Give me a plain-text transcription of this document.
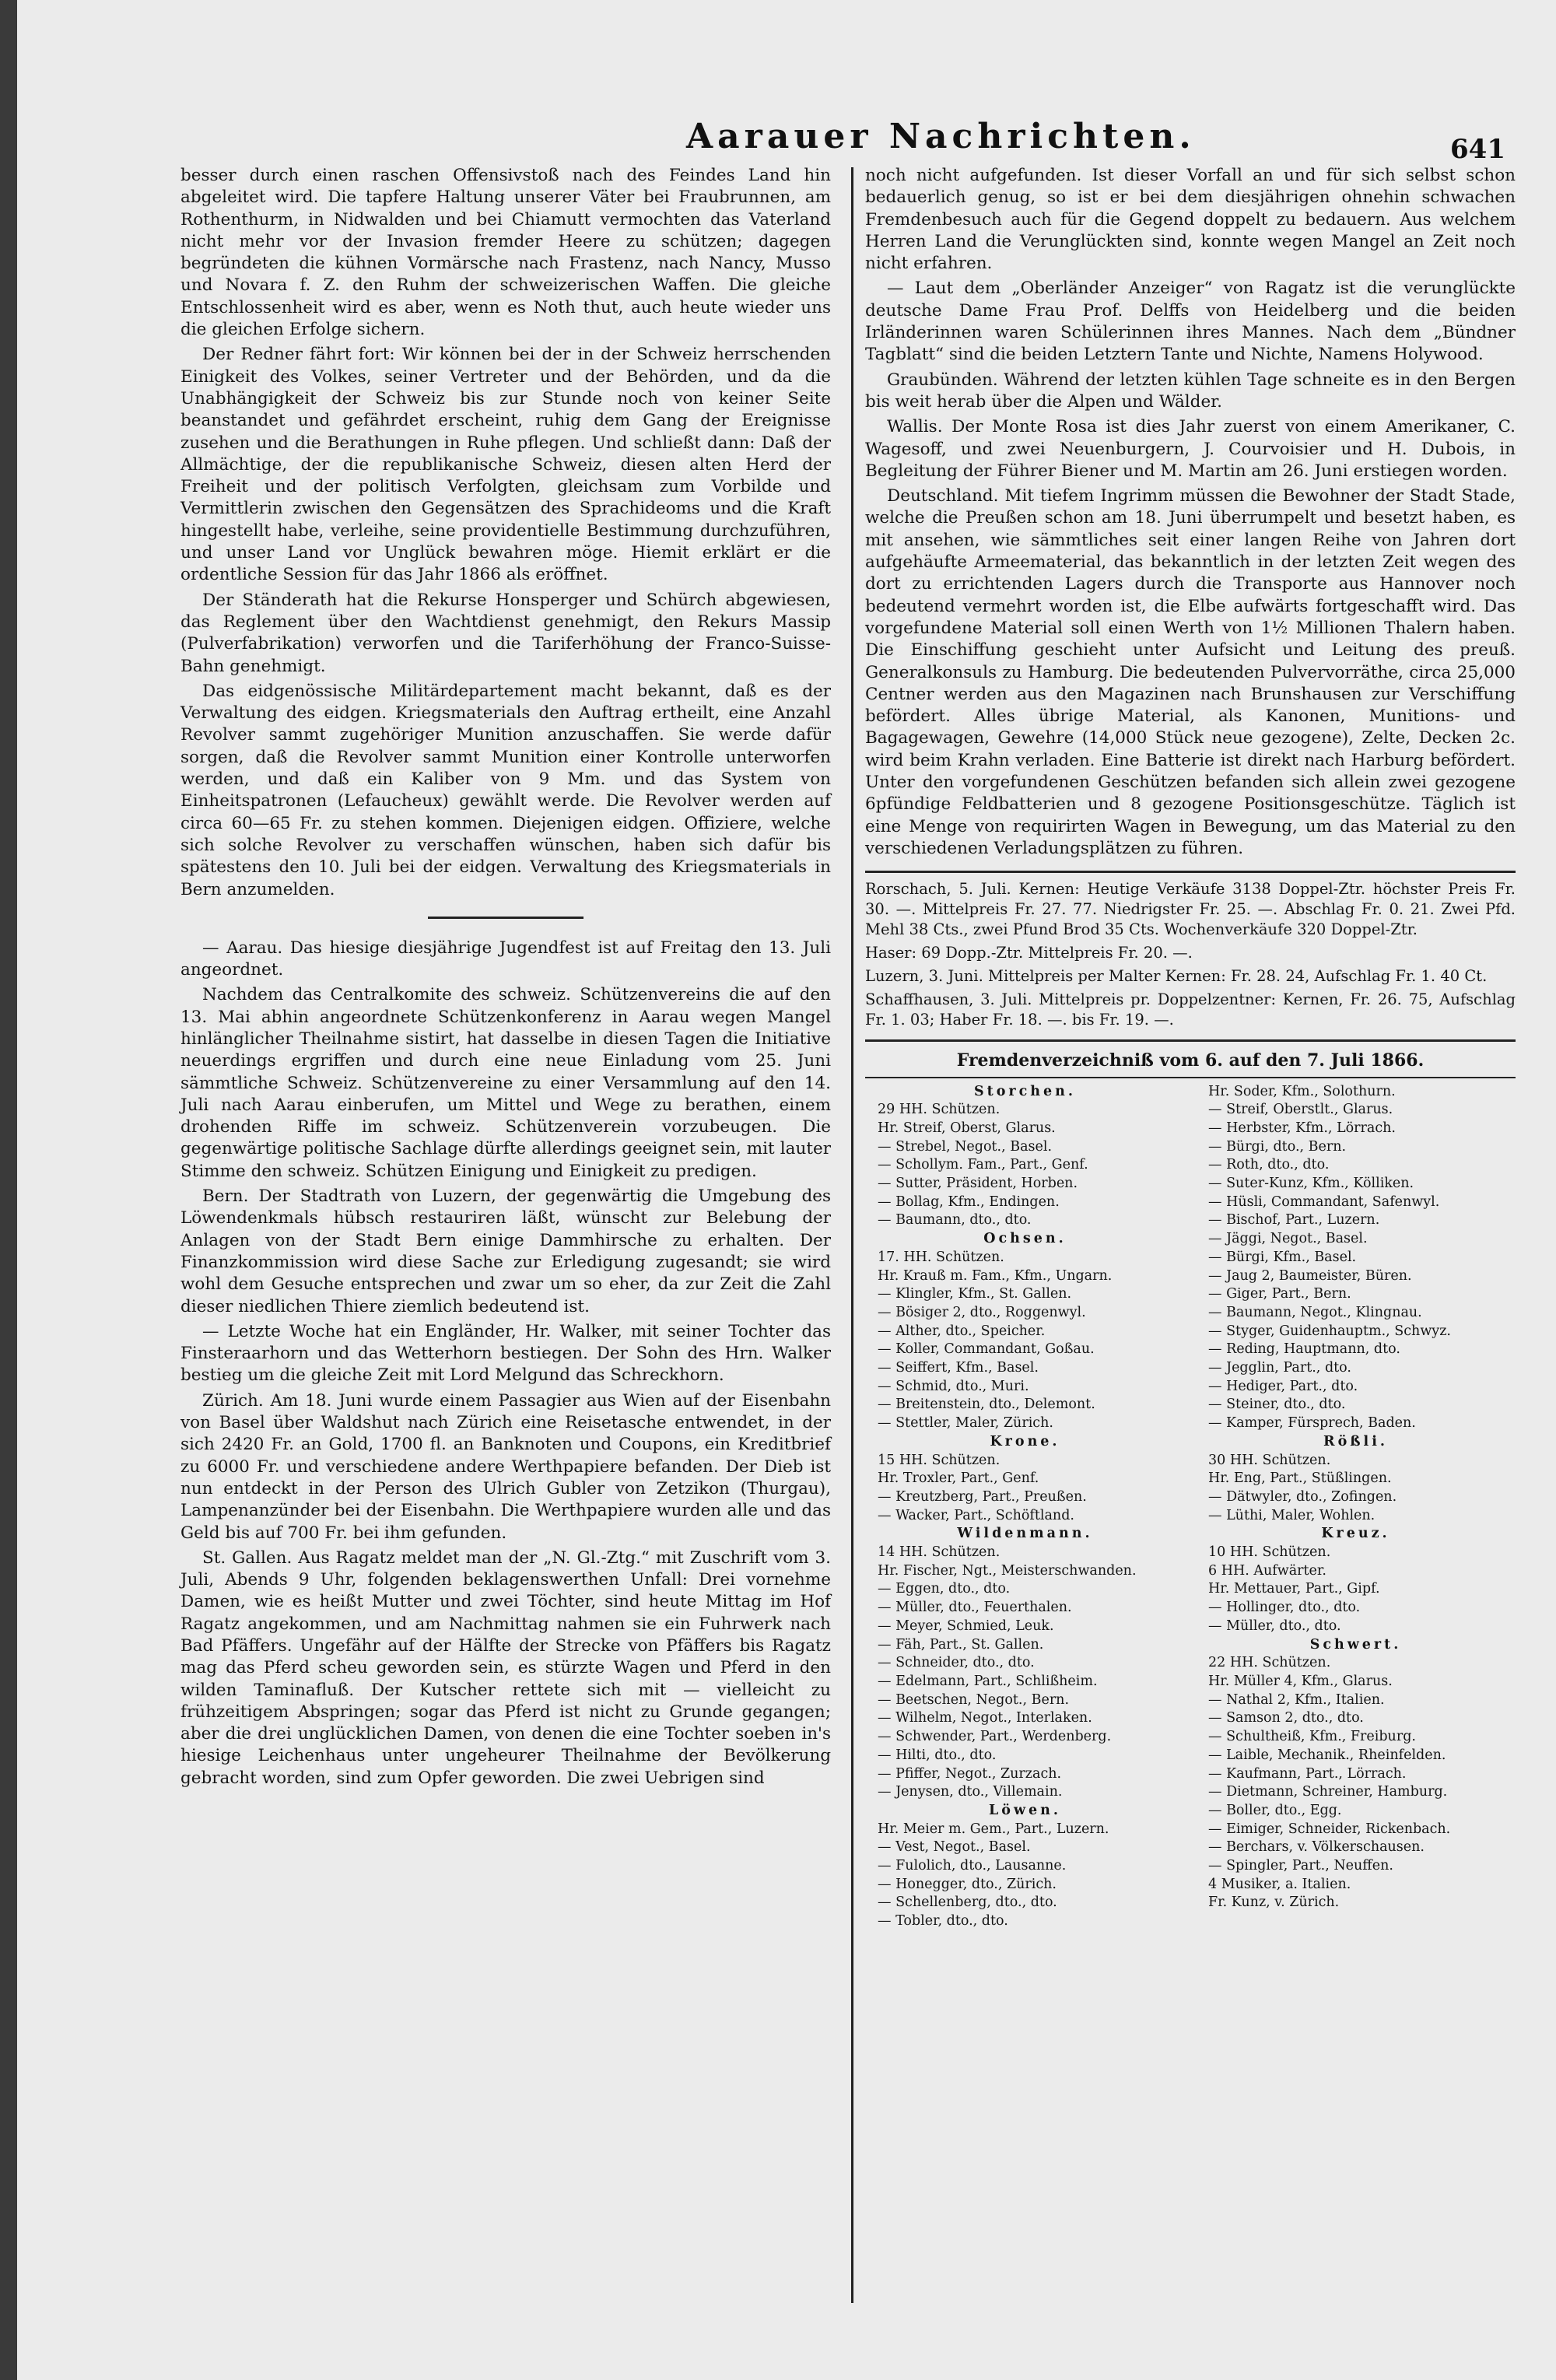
Aarauer Nachrichten.	641

besser durch einen raschen Offensivstoß nach des Feindes Land hin abgeleitet wird. Die tapfere Haltung unserer Väter bei Fraubrunnen, am Rothenthurm, in Nidwalden und bei Chiamutt vermochten das Vaterland nicht mehr vor der Invasion fremder Heere zu schützen; dagegen begründeten die kühnen Vormärsche nach Frastenz, nach Nancy, Musso und Novara f. Z. den Ruhm der schweizerischen Waffen. Die gleiche Entschlossenheit wird es aber, wenn es Noth thut, auch heute wieder uns die gleichen Erfolge sichern.

Der Redner fährt fort: Wir können bei der in der Schweiz herrschenden Einigkeit des Volkes, seiner Vertreter und der Behörden, und da die Unabhängigkeit der Schweiz bis zur Stunde noch von keiner Seite beanstandet und gefährdet erscheint, ruhig dem Gang der Ereignisse zusehen und die Berathungen in Ruhe pflegen. Und schließt dann: Daß der Allmächtige, der die republikanische Schweiz, diesen alten Herd der Freiheit und der politisch Verfolgten, gleichsam zum Vorbilde und Vermittlerin zwischen den Gegensätzen des Sprachideoms und die Kraft hingestellt habe, verleihe, seine providentielle Bestimmung durchzuführen, und unser Land vor Unglück bewahren möge. Hiemit erklärt er die ordentliche Session für das Jahr 1866 als eröffnet.

Der Ständerath hat die Rekurse Honsperger und Schürch abgewiesen, das Reglement über den Wachtdienst genehmigt, den Rekurs Massip (Pulverfabrikation) verworfen und die Tariferhöhung der Franco-Suisse-Bahn genehmigt.

Das eidgenössische Militärdepartement macht bekannt, daß es der Verwaltung des eidgen. Kriegsmaterials den Auftrag ertheilt, eine Anzahl Revolver sammt zugehöriger Munition anzuschaffen. Sie werde dafür sorgen, daß die Revolver sammt Munition einer Kontrolle unterworfen werden, und daß ein Kaliber von 9 Mm. und das System von Einheitspatronen (Lefaucheux) gewählt werde. Die Revolver werden auf circa 60—65 Fr. zu stehen kommen. Diejenigen eidgen. Offiziere, welche sich solche Revolver zu verschaffen wünschen, haben sich dafür bis spätestens den 10. Juli bei der eidgen. Verwaltung des Kriegsmaterials in Bern anzumelden.

— Aarau. Das hiesige diesjährige Jugendfest ist auf Freitag den 13. Juli angeordnet.

Nachdem das Centralkomite des schweiz. Schützenvereins die auf den 13. Mai abhin angeordnete Schützenkonferenz in Aarau wegen Mangel hinlänglicher Theilnahme sistirt, hat dasselbe in diesen Tagen die Initiative neuerdings ergriffen und durch eine neue Einladung vom 25. Juni sämmtliche Schweiz. Schützenvereine zu einer Versammlung auf den 14. Juli nach Aarau einberufen, um Mittel und Wege zu berathen, einem drohenden Riffe im schweiz. Schützenverein vorzubeugen. Die gegenwärtige politische Sachlage dürfte allerdings geeignet sein, mit lauter Stimme den schweiz. Schützen Einigung und Einigkeit zu predigen.

Bern. Der Stadtrath von Luzern, der gegenwärtig die Umgebung des Löwendenkmals hübsch restauriren läßt, wünscht zur Belebung der Anlagen von der Stadt Bern einige Dammhirsche zu erhalten. Der Finanzkommission wird diese Sache zur Erledigung zugesandt; sie wird wohl dem Gesuche entsprechen und zwar um so eher, da zur Zeit die Zahl dieser niedlichen Thiere ziemlich bedeutend ist.

— Letzte Woche hat ein Engländer, Hr. Walker, mit seiner Tochter das Finsteraarhorn und das Wetterhorn bestiegen. Der Sohn des Hrn. Walker bestieg um die gleiche Zeit mit Lord Melgund das Schreckhorn.

Zürich. Am 18. Juni wurde einem Passagier aus Wien auf der Eisenbahn von Basel über Waldshut nach Zürich eine Reisetasche entwendet, in der sich 2420 Fr. an Gold, 1700 fl. an Banknoten und Coupons, ein Kreditbrief zu 6000 Fr. und verschiedene andere Werthpapiere befanden. Der Dieb ist nun entdeckt in der Person des Ulrich Gubler von Zetzikon (Thurgau), Lampenanzünder bei der Eisenbahn. Die Werthpapiere wurden alle und das Geld bis auf 700 Fr. bei ihm gefunden.

St. Gallen. Aus Ragatz meldet man der „N. Gl.-Ztg.“ mit Zuschrift vom 3. Juli, Abends 9 Uhr, folgenden beklagenswerthen Unfall: Drei vornehme Damen, wie es heißt Mutter und zwei Töchter, sind heute Mittag im Hof Ragatz angekommen, und am Nachmittag nahmen sie ein Fuhrwerk nach Bad Pfäffers. Ungefähr auf der Hälfte der Strecke von Pfäffers bis Ragatz mag das Pferd scheu geworden sein, es stürzte Wagen und Pferd in den wilden Taminafluß. Der Kutscher rettete sich mit — vielleicht zu frühzeitigem Abspringen; sogar das Pferd ist nicht zu Grunde gegangen; aber die drei unglücklichen Damen, von denen die eine Tochter soeben in's hiesige Leichenhaus unter ungeheurer Theilnahme der Bevölkerung gebracht worden, sind zum Opfer geworden. Die zwei Uebrigen sind

noch nicht aufgefunden. Ist dieser Vorfall an und für sich selbst schon bedauerlich genug, so ist er bei dem diesjährigen ohnehin schwachen Fremdenbesuch auch für die Gegend doppelt zu bedauern. Aus welchem Herren Land die Verunglückten sind, konnte wegen Mangel an Zeit noch nicht erfahren.

— Laut dem „Oberländer Anzeiger“ von Ragatz ist die verunglückte deutsche Dame Frau Prof. Delffs von Heidelberg und die beiden Irländerinnen waren Schülerinnen ihres Mannes. Nach dem „Bündner Tagblatt“ sind die beiden Letztern Tante und Nichte, Namens Holywood.

Graubünden. Während der letzten kühlen Tage schneite es in den Bergen bis weit herab über die Alpen und Wälder.

Wallis. Der Monte Rosa ist dies Jahr zuerst von einem Amerikaner, C. Wagesoff, und zwei Neuenburgern, J. Courvoisier und H. Dubois, in Begleitung der Führer Biener und M. Martin am 26. Juni erstiegen worden.

Deutschland. Mit tiefem Ingrimm müssen die Bewohner der Stadt Stade, welche die Preußen schon am 18. Juni überrumpelt und besetzt haben, es mit ansehen, wie sämmtliches seit einer langen Reihe von Jahren dort aufgehäufte Armeematerial, das bekanntlich in der letzten Zeit wegen des dort zu errichtenden Lagers durch die Transporte aus Hannover noch bedeutend vermehrt worden ist, die Elbe aufwärts fortgeschafft wird. Das vorgefundene Material soll einen Werth von 1½ Millionen Thalern haben. Die Einschiffung geschieht unter Aufsicht und Leitung des preuß. Generalkonsuls zu Hamburg. Die bedeutenden Pulvervorräthe, circa 25,000 Centner werden aus den Magazinen nach Brunshausen zur Verschiffung befördert. Alles übrige Material, als Kanonen, Munitions- und Bagagewagen, Gewehre (14,000 Stück neue gezogene), Zelte, Decken 2c. wird beim Krahn verladen. Eine Batterie ist direkt nach Harburg befördert. Unter den vorgefundenen Geschützen befanden sich allein zwei gezogene 6pfündige Feldbatterien und 8 gezogene Positionsgeschütze. Täglich ist eine Menge von requirirten Wagen in Bewegung, um das Material zu den verschiedenen Verladungsplätzen zu führen.

Rorschach, 5. Juli. Kernen: Heutige Verkäufe 3138 Doppel-Ztr. höchster Preis Fr. 30. —. Mittelpreis Fr. 27. 77. Niedrigster Fr. 25. —. Abschlag Fr. 0. 21. Zwei Pfd. Mehl 38 Cts., zwei Pfund Brod 35 Cts. Wochenverkäufe 320 Doppel-Ztr.

Haser: 69 Dopp.-Ztr. Mittelpreis Fr. 20. —.

Luzern, 3. Juni. Mittelpreis per Malter Kernen: Fr. 28. 24, Aufschlag Fr. 1. 40 Ct.

Schaffhausen, 3. Juli. Mittelpreis pr. Doppelzentner: Kernen, Fr. 26. 75, Aufschlag Fr. 1. 03; Haber Fr. 18. —. bis Fr. 19. —.

Fremdenverzeichniß vom 6. auf den 7. Juli 1866.
Storchen.
29 HH. Schützen.
Hr. Streif, Oberst, Glarus.
— Strebel, Negot., Basel.
— Schollym. Fam., Part., Genf.
— Sutter, Präsident, Horben.
— Bollag, Kfm., Endingen.
— Baumann, dto., dto.
Ochsen.
17. HH. Schützen.
Hr. Krauß m. Fam., Kfm., Ungarn.
— Klingler, Kfm., St. Gallen.
— Bösiger 2, dto., Roggenwyl.
— Alther, dto., Speicher.
— Koller, Commandant, Goßau.
— Seiffert, Kfm., Basel.
— Schmid, dto., Muri.
— Breitenstein, dto., Delemont.
— Stettler, Maler, Zürich.
Krone.
15 HH. Schützen.
Hr. Troxler, Part., Genf.
— Kreutzberg, Part., Preußen.
— Wacker, Part., Schöftland.
Wildenmann.
14 HH. Schützen.
Hr. Fischer, Ngt., Meisterschwanden.
— Eggen, dto., dto.
— Müller, dto., Feuerthalen.
— Meyer, Schmied, Leuk.
— Fäh, Part., St. Gallen.
— Schneider, dto., dto.
— Edelmann, Part., Schlißheim.
— Beetschen, Negot., Bern.
— Wilhelm, Negot., Interlaken.
— Schwender, Part., Werdenberg.
— Hilti, dto., dto.
— Pfiffer, Negot., Zurzach.
— Jenysen, dto., Villemain.
Löwen.
Hr. Meier m. Gem., Part., Luzern.
— Vest, Negot., Basel.
— Fulolich, dto., Lausanne.
— Honegger, dto., Zürich.
— Schellenberg, dto., dto.
— Tobler, dto., dto.
Hr. Soder, Kfm., Solothurn.
— Streif, Oberstlt., Glarus.
— Herbster, Kfm., Lörrach.
— Bürgi, dto., Bern.
— Roth, dto., dto.
— Suter-Kunz, Kfm., Kölliken.
— Hüsli, Commandant, Safenwyl.
— Bischof, Part., Luzern.
— Jäggi, Negot., Basel.
— Bürgi, Kfm., Basel.
— Jaug 2, Baumeister, Büren.
— Giger, Part., Bern.
— Baumann, Negot., Klingnau.
— Styger, Guidenhauptm., Schwyz.
— Reding, Hauptmann, dto.
— Jegglin, Part., dto.
— Hediger, Part., dto.
— Steiner, dto., dto.
— Kamper, Fürsprech, Baden.
Rößli.
30 HH. Schützen.
Hr. Eng, Part., Stüßlingen.
— Dätwyler, dto., Zofingen.
— Lüthi, Maler, Wohlen.
Kreuz.
10 HH. Schützen.
6 HH. Aufwärter.
Hr. Mettauer, Part., Gipf.
— Hollinger, dto., dto.
— Müller, dto., dto.
Schwert.
22 HH. Schützen.
Hr. Müller 4, Kfm., Glarus.
— Nathal 2, Kfm., Italien.
— Samson 2, dto., dto.
— Schultheiß, Kfm., Freiburg.
— Laible, Mechanik., Rheinfelden.
— Kaufmann, Part., Lörrach.
— Dietmann, Schreiner, Hamburg.
— Boller, dto., Egg.
— Eimiger, Schneider, Rickenbach.
— Berchars, v. Völkerschausen.
— Spingler, Part., Neuffen.
4 Musiker, a. Italien.
Fr. Kunz, v. Zürich.
